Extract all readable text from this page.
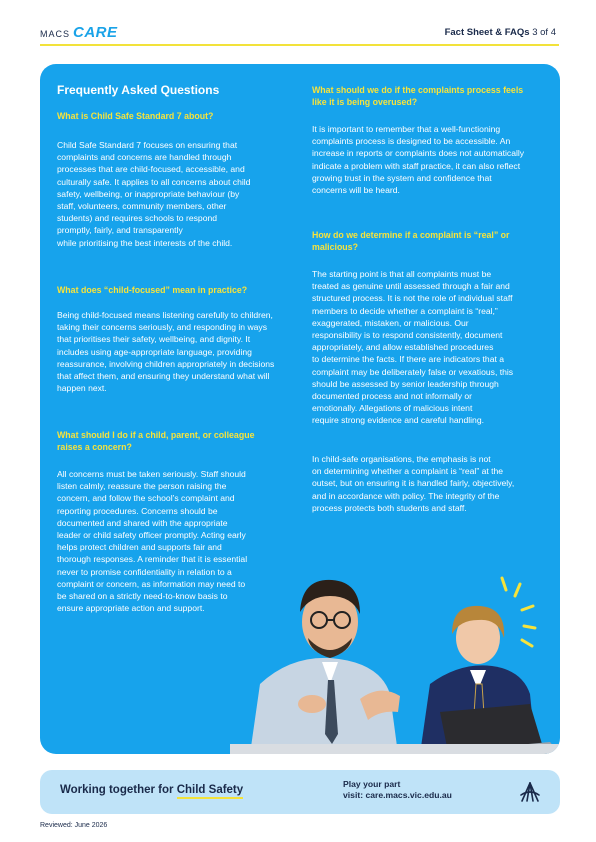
MACS CARE	Fact Sheet & FAQs 3 of 4

Frequently Asked Questions

What is Child Safe Standard 7 about?

Child Safe Standard 7 focuses on ensuring that
complaints and concerns are handled through
processes that are child-focused, accessible, and
culturally safe. It applies to all concerns about child
safety, wellbeing, or inappropriate behaviour (by
staff, volunteers, community members, other
students) and requires schools to respond
promptly, fairly, and transparently
while prioritising the best interests of the child.

What does “child-focused” mean in practice?

Being child-focused means listening carefully to children,
taking their concerns seriously, and responding in ways
that prioritises their safety, wellbeing, and dignity. It
includes using age-appropriate language, providing
reassurance, involving children appropriately in decisions
that affect them, and ensuring they understand what will
happen next.

What should I do if a child, parent, or colleague
raises a concern?

All concerns must be taken seriously. Staff should
listen calmly, reassure the person raising the
concern, and follow the school’s complaint and
reporting procedures. Concerns should be
documented and shared with the appropriate
leader or child safety officer promptly. Acting early
helps protect children and supports fair and
thorough responses. A reminder that it is essential
never to promise confidentiality in relation to a
complaint or concern, as information may need to
be shared on a strictly need-to-know basis to
ensure appropriate action and support.

What should we do if the complaints process feels
like it is being overused?

It is important to remember that a well-functioning
complaints process is designed to be accessible. An
increase in reports or complaints does not automatically
indicate a problem with staff practice, it can also reflect
growing trust in the system and confidence that
concerns will be heard.

How do we determine if a complaint is “real” or
malicious?

The starting point is that all complaints must be
treated as genuine until assessed through a fair and
structured process. It is not the role of individual staff
members to decide whether a complaint is “real,”
exaggerated, mistaken, or malicious. Our
responsibility is to respond consistently, document
appropriately, and allow established procedures
to determine the facts. If there are indicators that a
complaint may be deliberately false or vexatious, this
should be assessed by senior leadership through
documented process and not informally or
emotionally. Allegations of malicious intent
require strong evidence and careful handling.

In child-safe organisations, the emphasis is not
on determining whether a complaint is “real” at the
outset, but on ensuring it is handled fairly, objectively,
and in accordance with policy. The integrity of the
process protects both students and staff.

Working together for Child Safety	Play your part
visit: care.macs.vic.edu.au
Reviewed: June 2026
